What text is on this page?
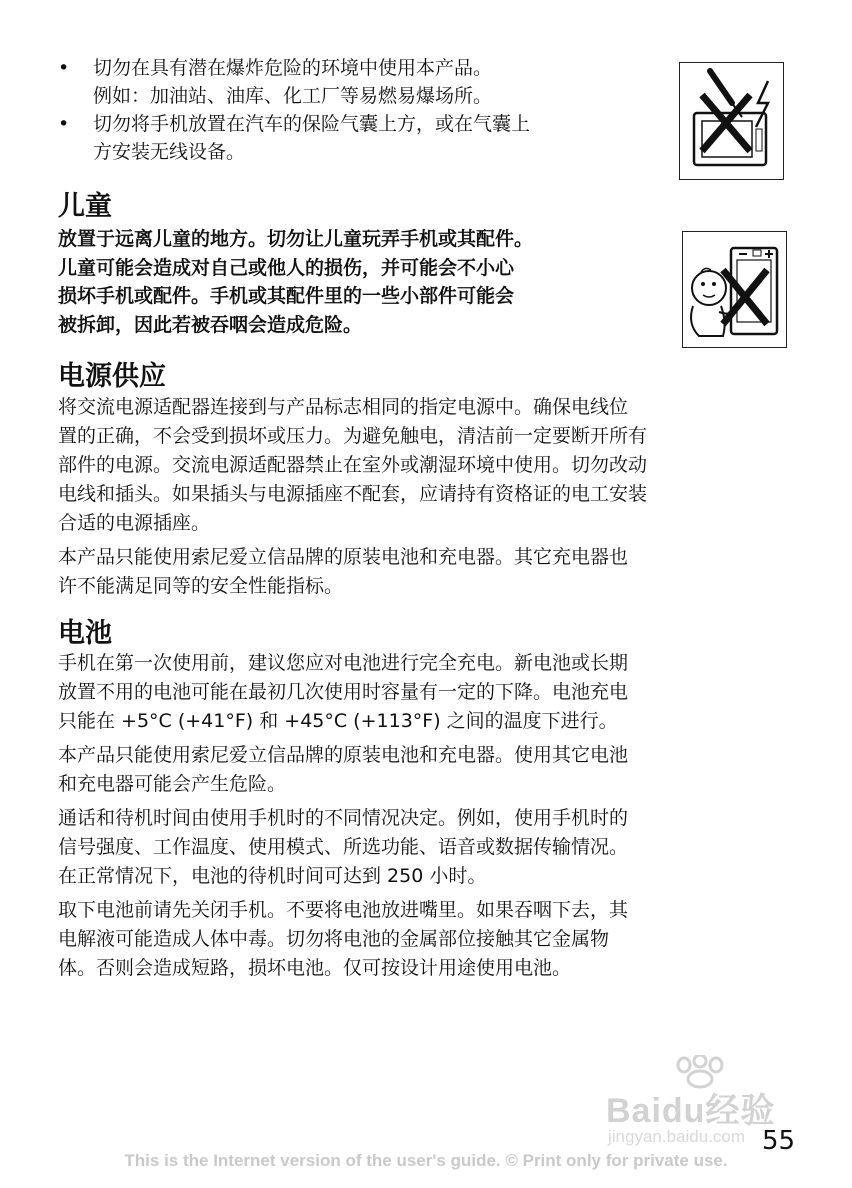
• 切勿在具有潜在爆炸危险的环境中使用本产品。
例如：加油站、油库、化工厂等易燃易爆场所。
• 切勿将手机放置在汽车的保险气囊上方，或在气囊上
方安装无线设备。
儿童
放置于远离儿童的地方。切勿让儿童玩弄手机或其配件。
儿童可能会造成对自己或他人的损伤，并可能会不小心
损坏手机或配件。手机或其配件里的一些小部件可能会
被拆卸，因此若被吞咽会造成危险。
电源供应

将交流电源适配器连接到与产品标志相同的指定电源中。确保电线位
置的正确，不会受到损坏或压力。为避免触电，清洁前一定要断开所有
部件的电源。交流电源适配器禁止在室外或潮湿环境中使用。切勿改动
电线和插头。如果插头与电源插座不配套，应请持有资格证的电工安装
合适的电源插座。

本产品只能使用索尼爱立信品牌的原装电池和充电器。其它充电器也
许不能满足同等的安全性能指标。

电池

手机在第一次使用前，建议您应对电池进行完全充电。新电池或长期
放置不用的电池可能在最初几次使用时容量有一定的下降。电池充电
只能在 +5°C (+41°F) 和 +45°C (+113°F) 之间的温度下进行。

本产品只能使用索尼爱立信品牌的原装电池和充电器。使用其它电池
和充电器可能会产生危险。

通话和待机时间由使用手机时的不同情况决定。例如，使用手机时的
信号强度、工作温度、使用模式、所选功能、语音或数据传输情况。
在正常情况下，电池的待机时间可达到 250 小时。

取下电池前请先关闭手机。不要将电池放进嘴里。如果吞咽下去，其
电解液可能造成人体中毒。切勿将电池的金属部位接触其它金属物
体。否则会造成短路，损坏电池。仅可按设计用途使用电池。

Baidu经验
jingyan.baidu.com 55
This is the Internet version of the user's guide. © Print only for private use.
